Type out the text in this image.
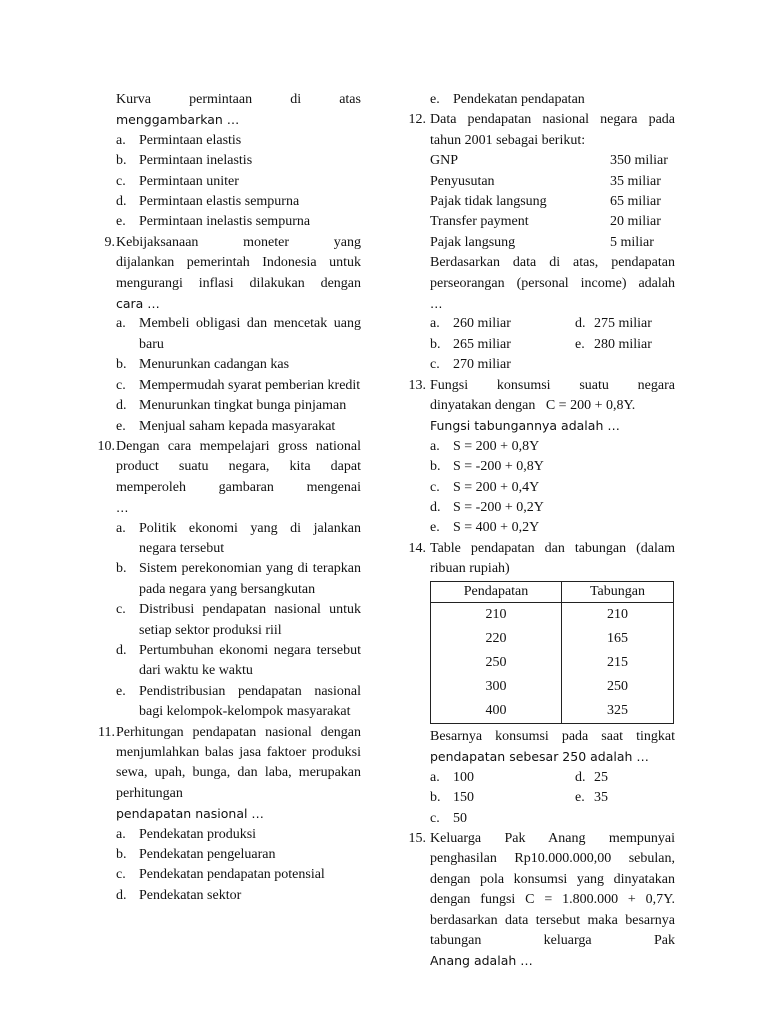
Kurva	permintaan	di	atas
menggambarkan …
a. Permintaan elastis
b. Permintaan inelastis
c. Permintaan uniter
d. Permintaan elastis sempurna
e. Permintaan inelastis sempurna
9. Kebijaksanaan	moneter	yang
dijalankan pemerintah Indonesia untuk mengurangi inflasi dilakukan dengan
cara …
a. Membeli obligasi dan mencetak uang baru
b. Menurunkan cadangan kas
c. Mempermudah syarat pemberian kredit
d. Menurunkan tingkat bunga pinjaman
e. Menjual saham kepada masyarakat
10. Dengan cara mempelajari gross national product suatu negara, kita dapat memperoleh gambaran mengenai
…
a. Politik ekonomi yang di jalankan negara tersebut
b. Sistem perekonomian yang di terapkan pada negara yang bersangkutan
c. Distribusi pendapatan nasional untuk setiap sektor produksi riil
d. Pertumbuhan ekonomi negara tersebut dari waktu ke waktu
e. Pendistribusian pendapatan nasional bagi kelompok-kelompok masyarakat
11. Perhitungan pendapatan nasional dengan menjumlahkan balas jasa faktoer produksi sewa, upah, bunga, dan laba, merupakan perhitungan
pendapatan nasional …
a. Pendekatan produksi
b. Pendekatan pengeluaran
c. Pendekatan pendapatan potensial
d. Pendekatan sektor
e. Pendekatan pendapatan
12. Data pendapatan nasional negara pada tahun 2001 sebagai berikut:
GNP	350 miliar
Penyusutan	35 miliar
Pajak tidak langsung	65 miliar
Transfer payment	20 miliar
Pajak langsung	5 miliar
Berdasarkan data di atas, pendapatan perseorangan (personal income) adalah
…
a. 260 miliar	d. 275 miliar
b. 265 miliar	e. 280 miliar
c. 270 miliar
13. Fungsi konsumsi suatu negara
dinyatakan dengan   C = 200 + 0,8Y.
Fungsi tabungannya adalah …
a. S = 200 + 0,8Y
b. S = -200 + 0,8Y
c. S = 200 + 0,4Y
d. S = -200 + 0,2Y
e. S = 400 + 0,2Y
14. Table pendapatan dan tabungan (dalam ribuan rupiah)
Pendapatan	Tabungan
210	210
220	165
250	215
300	250
400	325
Besarnya konsumsi pada saat tingkat
pendapatan sebesar 250 adalah …
a. 100	d. 25
b. 150	e. 35
c. 50
15. Keluarga Pak Anang mempunyai penghasilan Rp10.000.000,00 sebulan, dengan pola konsumsi yang dinyatakan dengan fungsi C = 1.800.000 + 0,7Y. berdasarkan data tersebut maka besarnya tabungan keluarga Pak
Anang adalah …
